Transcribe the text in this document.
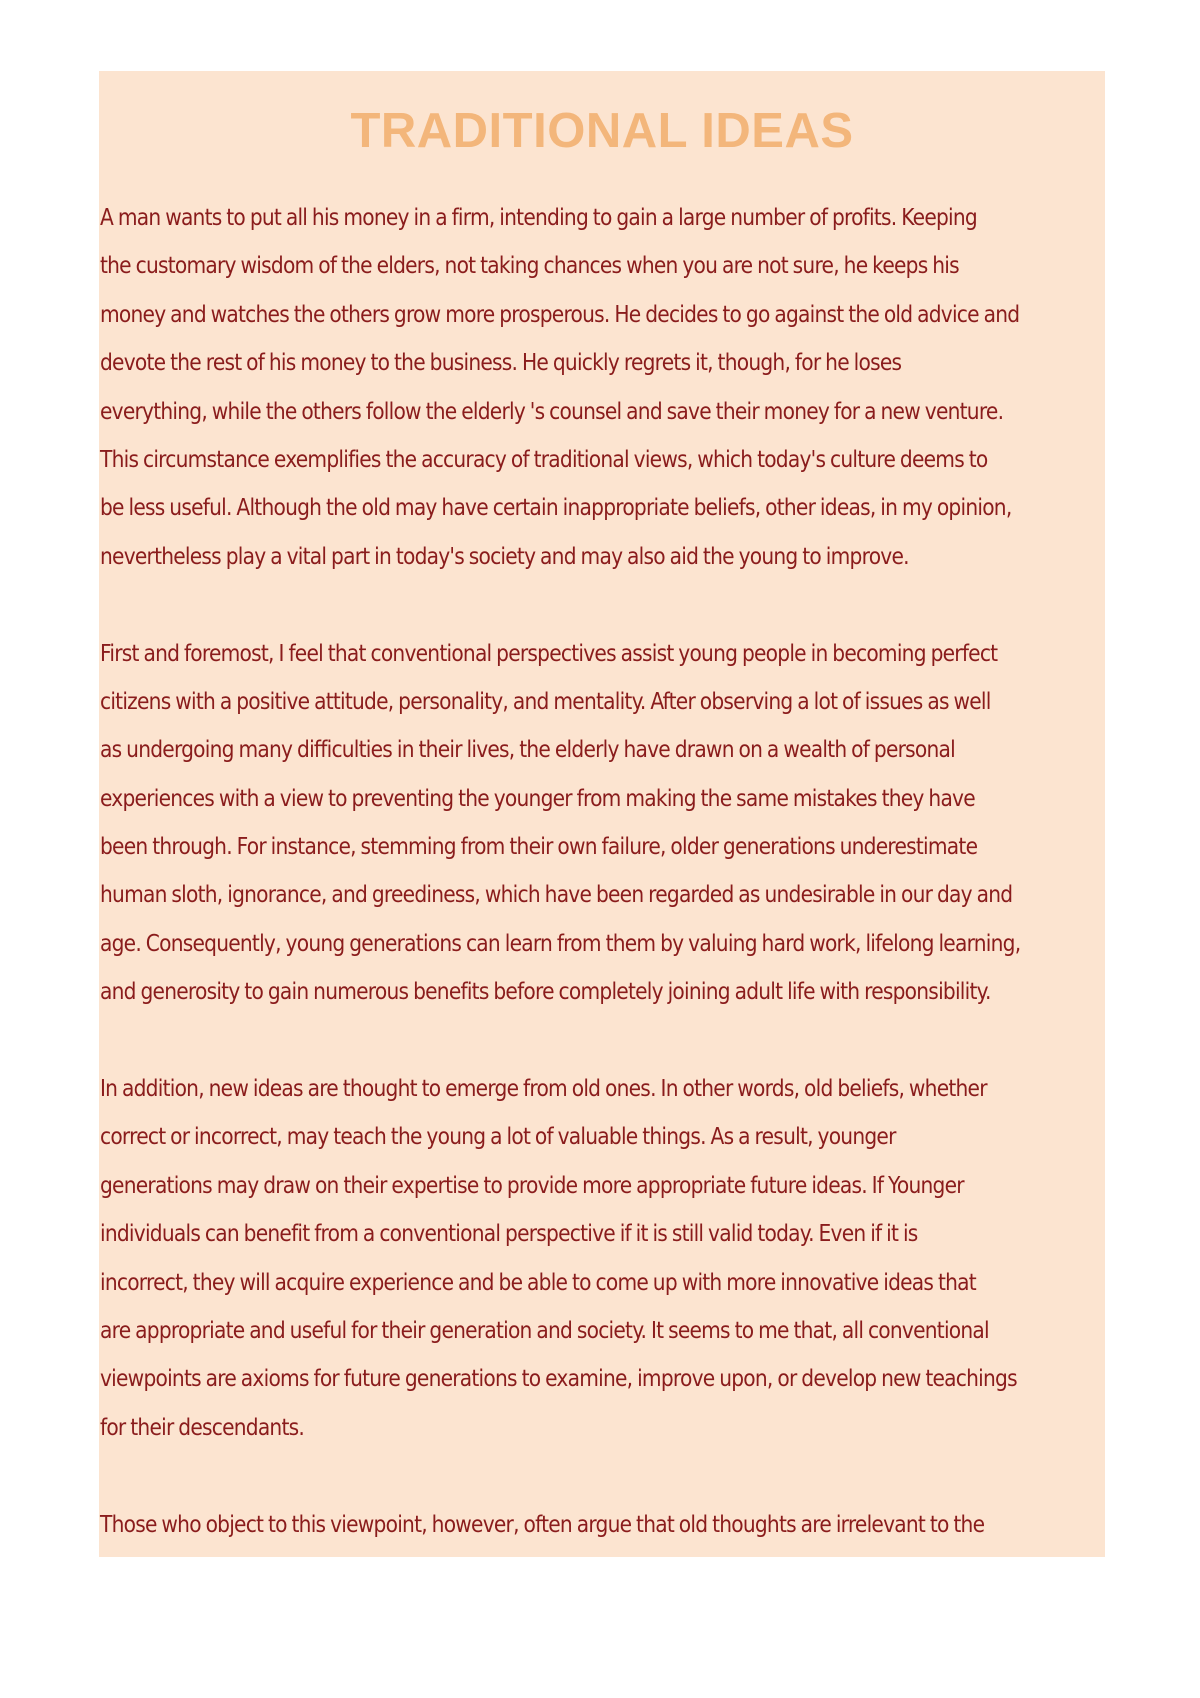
TRADITIONAL IDEAS
A man wants to put all his money in a firm, intending to gain a large number of profits. Keeping
the customary wisdom of the elders, not taking chances when you are not sure, he keeps his
money and watches the others grow more prosperous. He decides to go against the old advice and
devote the rest of his money to the business. He quickly regrets it, though, for he loses
everything, while the others follow the elderly 's counsel and save their money for a new venture.
This circumstance exemplifies the accuracy of traditional views, which today's culture deems to
be less useful. Although the old may have certain inappropriate beliefs, other ideas, in my opinion,
nevertheless play a vital part in today's society and may also aid the young to improve.
First and foremost, I feel that conventional perspectives assist young people in becoming perfect
citizens with a positive attitude, personality, and mentality. After observing a lot of issues as well
as undergoing many difficulties in their lives, the elderly have drawn on a wealth of personal
experiences with a view to preventing the younger from making the same mistakes they have
been through. For instance, stemming from their own failure, older generations underestimate
human sloth, ignorance, and greediness, which have been regarded as undesirable in our day and
age. Consequently, young generations can learn from them by valuing hard work, lifelong learning,
and generosity to gain numerous benefits before completely joining adult life with responsibility.
In addition, new ideas are thought to emerge from old ones. In other words, old beliefs, whether
correct or incorrect, may teach the young a lot of valuable things. As a result, younger
generations may draw on their expertise to provide more appropriate future ideas. If Younger
individuals can benefit from a conventional perspective if it is still valid today. Even if it is
incorrect, they will acquire experience and be able to come up with more innovative ideas that
are appropriate and useful for their generation and society. It seems to me that, all conventional
viewpoints are axioms for future generations to examine, improve upon, or develop new teachings
for their descendants.
Those who object to this viewpoint, however, often argue that old thoughts are irrelevant to the
